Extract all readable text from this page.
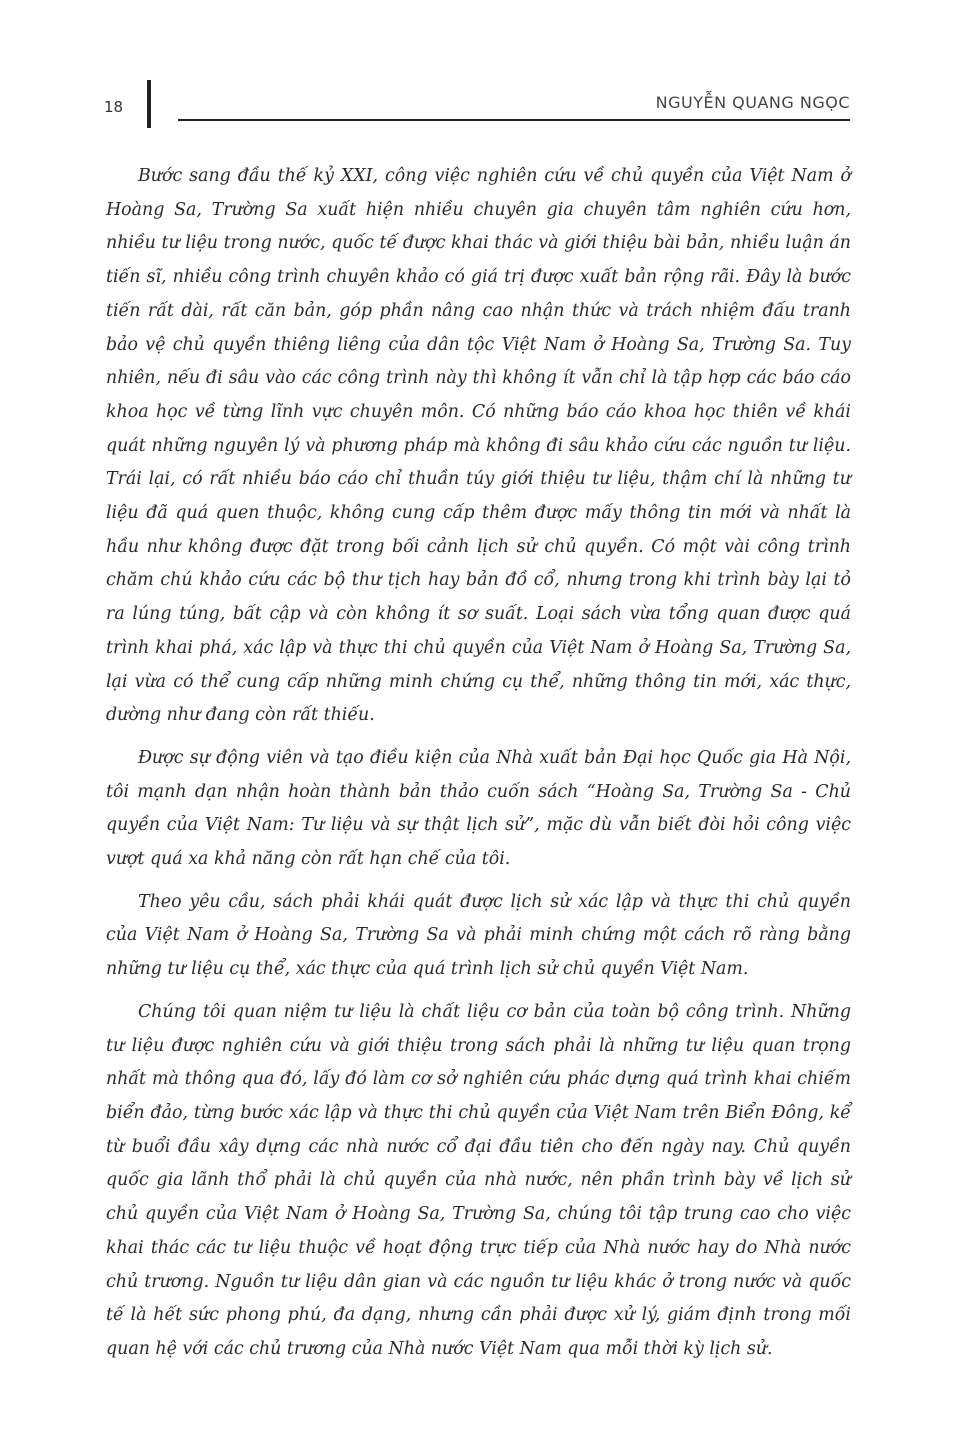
18	NGUYỄN QUANG NGỌC

Bước sang đầu thế kỷ XXI, công việc nghiên cứu về chủ quyền của Việt Nam ở Hoàng Sa, Trường Sa xuất hiện nhiều chuyên gia chuyên tâm nghiên cứu hơn, nhiều tư liệu trong nước, quốc tế được khai thác và giới thiệu bài bản, nhiều luận án tiến sĩ, nhiều công trình chuyên khảo có giá trị được xuất bản rộng rãi. Đây là bước tiến rất dài, rất căn bản, góp phần nâng cao nhận thức và trách nhiệm đấu tranh bảo vệ chủ quyền thiêng liêng của dân tộc Việt Nam ở Hoàng Sa, Trường Sa. Tuy nhiên, nếu đi sâu vào các công trình này thì không ít vẫn chỉ là tập hợp các báo cáo khoa học về từng lĩnh vực chuyên môn. Có những báo cáo khoa học thiên về khái quát những nguyên lý và phương pháp mà không đi sâu khảo cứu các nguồn tư liệu. Trái lại, có rất nhiều báo cáo chỉ thuần túy giới thiệu tư liệu, thậm chí là những tư liệu đã quá quen thuộc, không cung cấp thêm được mấy thông tin mới và nhất là hầu như không được đặt trong bối cảnh lịch sử chủ quyền. Có một vài công trình chăm chú khảo cứu các bộ thư tịch hay bản đồ cổ, nhưng trong khi trình bày lại tỏ ra lúng túng, bất cập và còn không ít sơ suất. Loại sách vừa tổng quan được quá trình khai phá, xác lập và thực thi chủ quyền của Việt Nam ở Hoàng Sa, Trường Sa, lại vừa có thể cung cấp những minh chứng cụ thể, những thông tin mới, xác thực, dường như đang còn rất thiếu.

Được sự động viên và tạo điều kiện của Nhà xuất bản Đại học Quốc gia Hà Nội, tôi mạnh dạn nhận hoàn thành bản thảo cuốn sách “Hoàng Sa, Trường Sa - Chủ quyền của Việt Nam: Tư liệu và sự thật lịch sử”, mặc dù vẫn biết đòi hỏi công việc vượt quá xa khả năng còn rất hạn chế của tôi.

Theo yêu cầu, sách phải khái quát được lịch sử xác lập và thực thi chủ quyền của Việt Nam ở Hoàng Sa, Trường Sa và phải minh chứng một cách rõ ràng bằng những tư liệu cụ thể, xác thực của quá trình lịch sử chủ quyền Việt Nam.

Chúng tôi quan niệm tư liệu là chất liệu cơ bản của toàn bộ công trình. Những tư liệu được nghiên cứu và giới thiệu trong sách phải là những tư liệu quan trọng nhất mà thông qua đó, lấy đó làm cơ sở nghiên cứu phác dựng quá trình khai chiếm biển đảo, từng bước xác lập và thực thi chủ quyền của Việt Nam trên Biển Đông, kể từ buổi đầu xây dựng các nhà nước cổ đại đầu tiên cho đến ngày nay. Chủ quyền quốc gia lãnh thổ phải là chủ quyền của nhà nước, nên phần trình bày về lịch sử chủ quyền của Việt Nam ở Hoàng Sa, Trường Sa, chúng tôi tập trung cao cho việc khai thác các tư liệu thuộc về hoạt động trực tiếp của Nhà nước hay do Nhà nước chủ trương. Nguồn tư liệu dân gian và các nguồn tư liệu khác ở trong nước và quốc tế là hết sức phong phú, đa dạng, nhưng cần phải được xử lý, giám định trong mối quan hệ với các chủ trương của Nhà nước Việt Nam qua mỗi thời kỳ lịch sử.
